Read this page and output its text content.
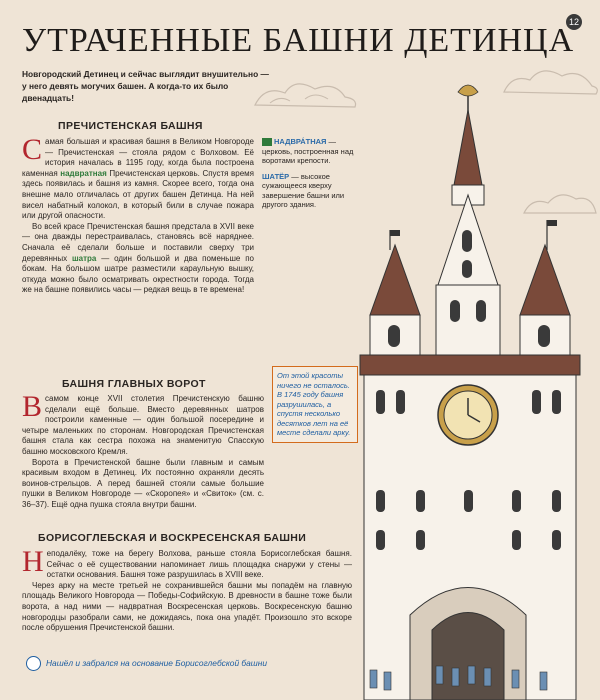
12
УТРАЧЕННЫЕ БАШНИ ДЕТИНЦА

Новгородский Детинец и сейчас выглядит внушительно — у него девять могучих башен. А когда-то их было двенадцать!

ПРЕЧИСТЕНСКАЯ БАШНЯ

Самая большая и красивая башня в Великом Новгороде — Пречистенская — стояла рядом с Волховом. Её история началась в 1195 году, когда была построена каменная надвратная Пречистенская церковь. Спустя время здесь появилась и башня из камня. Скорее всего, тогда она внешне мало отличалась от других башен Детинца. На ней висел набатный колокол, в который били в случае пожара или другой опасности.

Во всей красе Пречистенская башня предстала в XVII веке — она дважды перестраивалась, становясь всё наряднее. Сначала её сделали больше и поставили сверху три деревянных шатра — один большой и два поменьше по бокам. На большом шатре разместили караульную вышку, откуда можно было осматривать окрестности города. Тогда же на башне появились часы — редкая вещь в те времена!

НАДВРА́ТНАЯ — церковь, построенная над воротами крепости.
ШАТЁР — высокое сужающееся кверху завершение башни или другого здания.
БАШНЯ ГЛАВНЫХ ВОРОТ

Всамом конце XVII столетия Пречистенскую башню сделали ещё больше. Вместо деревянных шатров построили каменные — один большой посередине и четыре маленьких по сторонам. Новгородская Пречистенская башня стала как сестра похожа на знаменитую Спасскую башню московского Кремля.

Ворота в Пречистенской башне были главным и самым красивым входом в Детинец. Их постоянно охраняли десять воинов-стрельцов. А перед башней стояли самые большие пушки в Великом Новгороде — «Скоропея» и «Свиток» (см. с. 36–37). Ещё одна пушка стояла внутри башни.

От этой красоты ничего не осталось. В 1745 году башня разрушилась, а спустя несколько десятков лет на её месте сделали арку.
БОРИСОГЛЕБСКАЯ И ВОСКРЕСЕНСКАЯ БАШНИ

Неподалёку, тоже на берегу Волхова, раньше стояла Борисоглебская башня. Сейчас о её существовании напоминает лишь площадка снаружи у стены — остатки основания. Башня тоже разрушилась в XVIII веке.

Через арку на месте третьей не сохранившейся башни мы попадём на главную площадь Великого Новгорода — Победы-Софийскую. В древности в башне тоже были ворота, а над ними — надвратная Воскресенская церковь. Воскресенскую башню новгородцы разобрали сами, не дожидаясь, пока она упадёт. Произошло это вскоре после обрушения Пречистенской башни.

Нашёл и забрался на основание Борисоглебской башни
